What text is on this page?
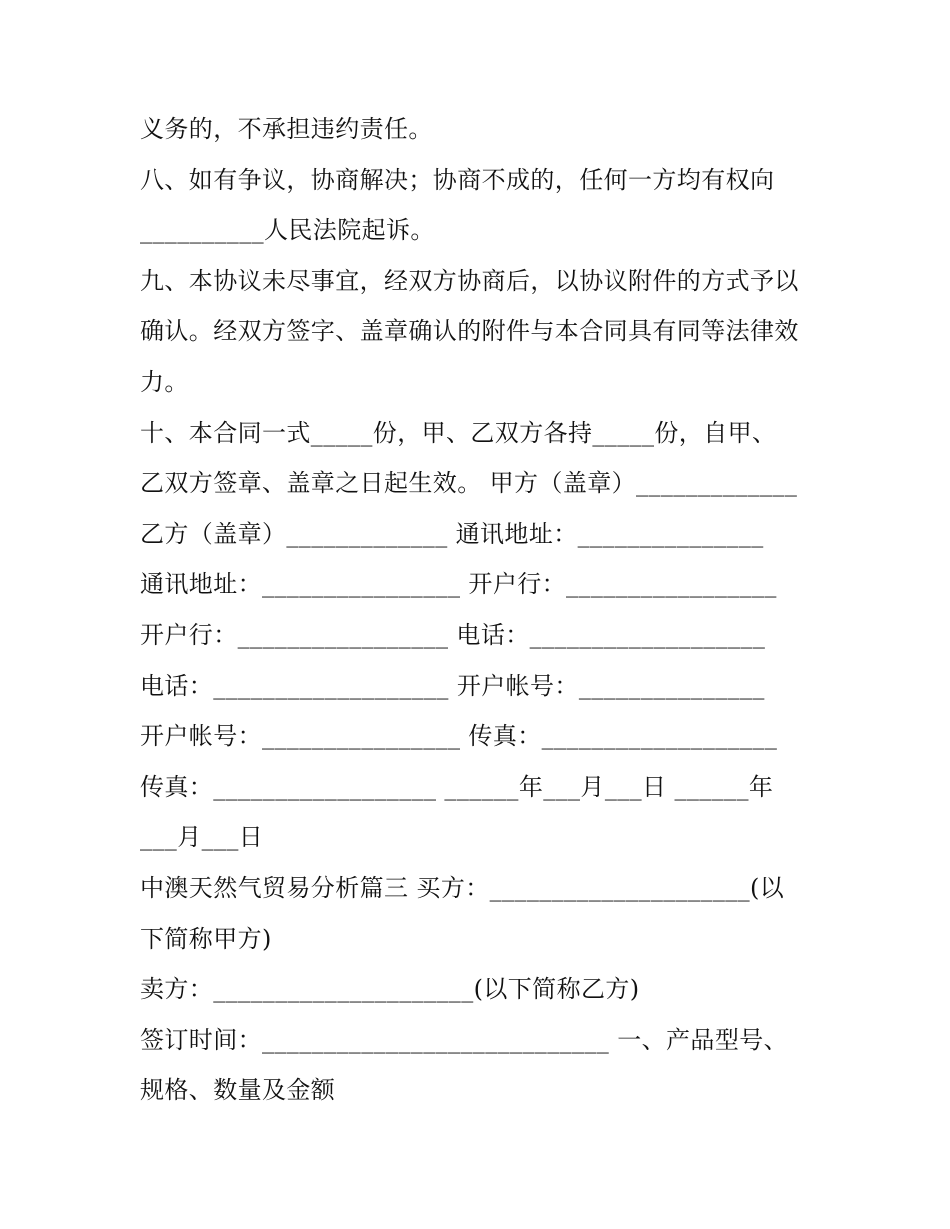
义务的，不承担违约责任。
八、如有争议，协商解决；协商不成的，任何一方均有权向
__________人民法院起诉。
九、本协议未尽事宜，经双方协商后，以协议附件的方式予以
确认。经双方签字、盖章确认的附件与本合同具有同等法律效
力。
十、本合同一式_____份，甲、乙双方各持_____份，自甲、
乙双方签章、盖章之日起生效。 甲方（盖章）_____________
乙方（盖章）_____________ 通讯地址：_______________
通讯地址：________________ 开户行：_________________
开户行：_________________ 电话：___________________
电话：___________________ 开户帐号：_______________
开户帐号：________________ 传真：___________________
传真：__________________ ______年___月___日 ______年
___月___日
中澳天然气贸易分析篇三 买方：_____________________(以
下简称甲方)
卖方：_____________________(以下简称乙方)
签订时间：____________________________ 一、产品型号、
规格、数量及金额
